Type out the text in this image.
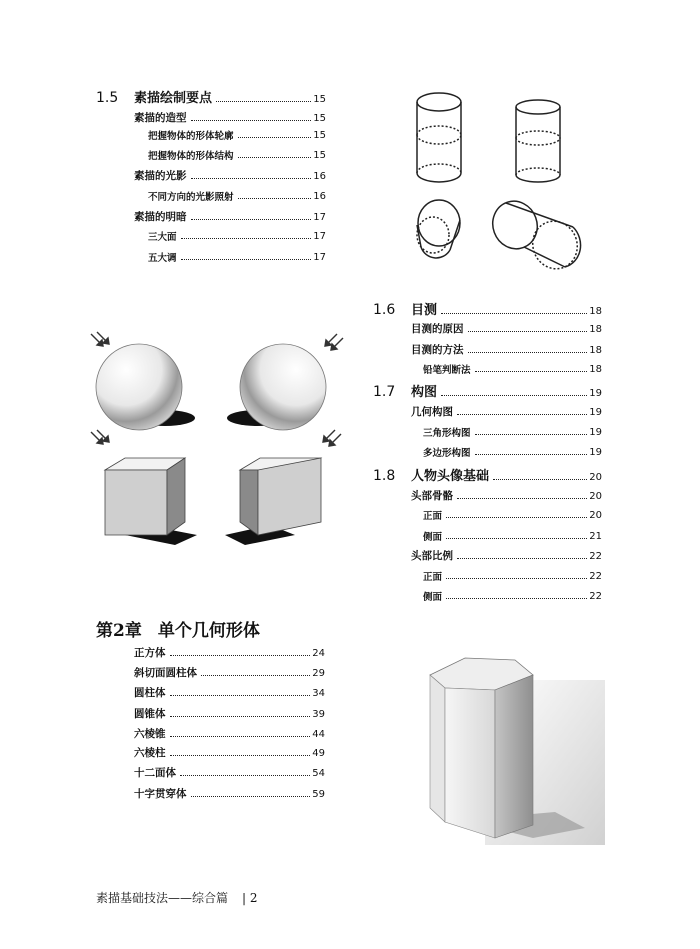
1.5	素描绘制要点	15
素描的造型	15
把握物体的形体轮廓	15
把握物体的形体结构	15
素描的光影	16
不同方向的光影照射	16
素描的明暗	17
三大面	17
五大调	17
1.6	目测	18
目测的原因	18
目测的方法	18
铅笔判断法	18
1.7	构图	19
几何构图	19
三角形构图	19
多边形构图	19
1.8	人物头像基础	20
头部骨骼	20
正面	20
侧面	21
头部比例	22
正面	22
侧面	22
第2章 单个几何形体
正方体	24
斜切面圆柱体	29
圆柱体	34
圆锥体	39
六棱锥	44
六棱柱	49
十二面体	54
十字贯穿体	59
素描基础技法——综合篇 | 2
